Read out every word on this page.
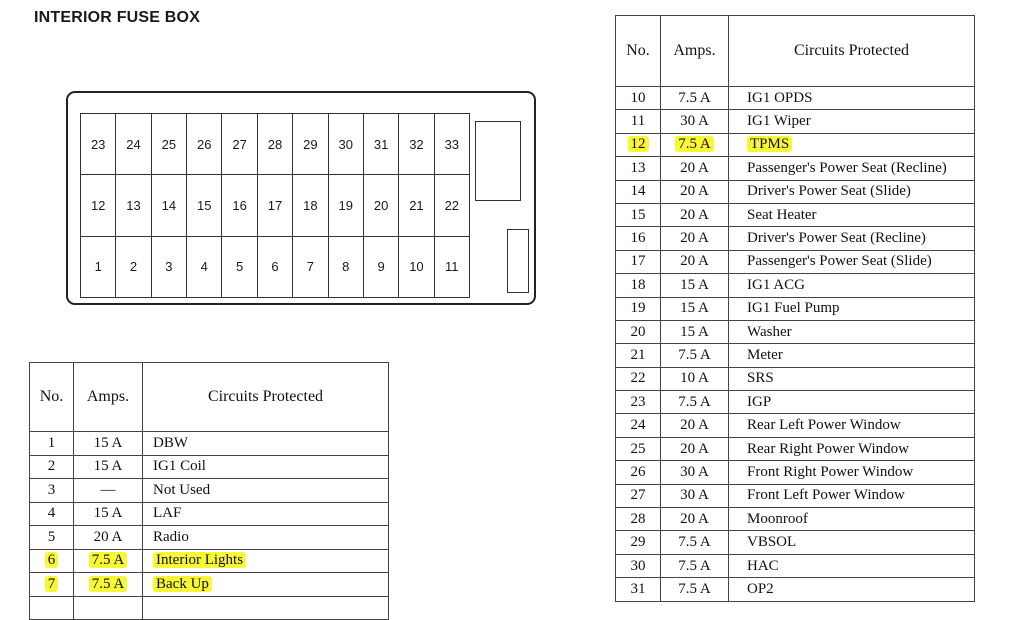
INTERIOR FUSE BOX
23	24	25	26	27	28	29	30	31	32	33
12	13	14	15	16	17	18	19	20	21	22
1	2	3	4	5	6	7	8	9	10	11
No.	Amps.	Circuits Protected
1	15 A	DBW
2	15 A	IG1 Coil
3	—	Not Used
4	15 A	LAF
5	20 A	Radio
6	7.5 A	Interior Lights
7	7.5 A	Back Up

No.	Amps.	Circuits Protected
10	7.5 A	IG1 OPDS
11	30 A	IG1 Wiper
12	7.5 A	TPMS
13	20 A	Passenger's Power Seat (Recline)
14	20 A	Driver's Power Seat (Slide)
15	20 A	Seat Heater
16	20 A	Driver's Power Seat (Recline)
17	20 A	Passenger's Power Seat (Slide)
18	15 A	IG1 ACG
19	15 A	IG1 Fuel Pump
20	15 A	Washer
21	7.5 A	Meter
22	10 A	SRS
23	7.5 A	IGP
24	20 A	Rear Left Power Window
25	20 A	Rear Right Power Window
26	30 A	Front Right Power Window
27	30 A	Front Left Power Window
28	20 A	Moonroof
29	7.5 A	VBSOL
30	7.5 A	HAC
31	7.5 A	OP2
